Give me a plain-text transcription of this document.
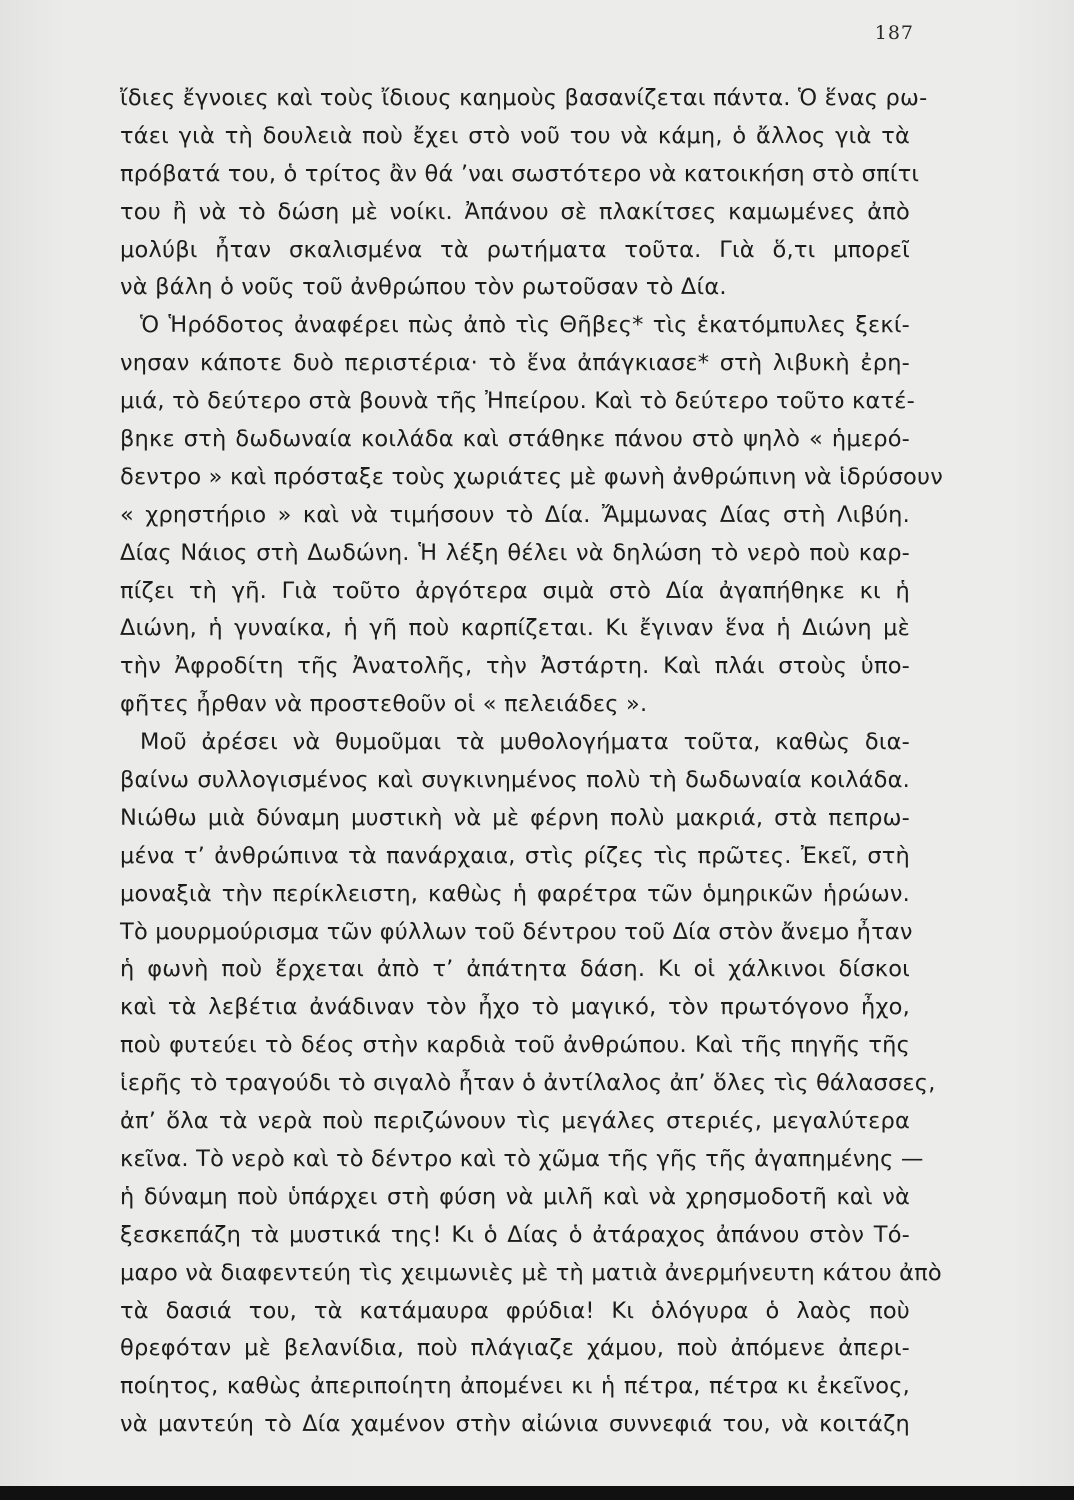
187
ἴδιες ἔγνοιες καὶ τοὺς ἴδιους καημοὺς βασανίζεται πάντα. Ὁ ἕνας ρω-
τάει γιὰ τὴ δουλειὰ ποὺ ἔχει στὸ νοῦ του νὰ κάμη, ὁ ἄλλος γιὰ τὰ
πρόβατά του, ὁ τρίτος ἂν θά ’ναι σωστότερο νὰ κατοικήση στὸ σπίτι
του ἢ νὰ τὸ δώση μὲ νοίκι. Ἀπάνου σὲ πλακίτσες καμωμένες ἀπὸ
μολύβι ἦταν σκαλισμένα τὰ ρωτήματα τοῦτα. Γιὰ ὅ,τι μπορεῖ
νὰ βάλη ὁ νοῦς τοῦ ἀνθρώπου τὸν ρωτοῦσαν τὸ Δία.
Ὁ Ἡρόδοτος ἀναφέρει πὼς ἀπὸ τὶς Θῆβες* τὶς ἑκατόμπυλες ξεκί-
νησαν κάποτε δυὸ περιστέρια· τὸ ἕνα ἀπάγκιασε* στὴ λιβυκὴ ἐρη-
μιά, τὸ δεύτερο στὰ βουνὰ τῆς Ἠπείρου. Καὶ τὸ δεύτερο τοῦτο κατέ-
βηκε στὴ δωδωναία κοιλάδα καὶ στάθηκε πάνου στὸ ψηλὸ « ἡμερό-
δεντρο » καὶ πρόσταξε τοὺς χωριάτες μὲ φωνὴ ἀνθρώπινη νὰ ἱδρύσουν
« χρηστήριο » καὶ νὰ τιμήσουν τὸ Δία. Ἄμμωνας Δίας στὴ Λιβύη.
Δίας Νάιος στὴ Δωδώνη. Ἡ λέξη θέλει νὰ δηλώση τὸ νερὸ ποὺ καρ-
πίζει τὴ γῆ. Γιὰ τοῦτο ἀργότερα σιμὰ στὸ Δία ἀγαπήθηκε κι ἡ
Διώνη, ἡ γυναίκα, ἡ γῆ ποὺ καρπίζεται. Κι ἔγιναν ἕνα ἡ Διώνη μὲ
τὴν Ἀφροδίτη τῆς Ἀνατολῆς, τὴν Ἀστάρτη. Καὶ πλάι στοὺς ὑπο-
φῆτες ἦρθαν νὰ προστεθοῦν οἱ « πελειάδες ».
Μοῦ ἀρέσει νὰ θυμοῦμαι τὰ μυθολογήματα τοῦτα, καθὼς δια-
βαίνω συλλογισμένος καὶ συγκινημένος πολὺ τὴ δωδωναία κοιλάδα.
Νιώθω μιὰ δύναμη μυστικὴ νὰ μὲ φέρνη πολὺ μακριά, στὰ πεπρω-
μένα τ’ ἀνθρώπινα τὰ πανάρχαια, στὶς ρίζες τὶς πρῶτες. Ἐκεῖ, στὴ
μοναξιὰ τὴν περίκλειστη, καθὼς ἡ φαρέτρα τῶν ὁμηρικῶν ἡρώων.
Τὸ μουρμούρισμα τῶν φύλλων τοῦ δέντρου τοῦ Δία στὸν ἄνεμο ἦταν
ἡ φωνὴ ποὺ ἔρχεται ἀπὸ τ’ ἀπάτητα δάση. Κι οἱ χάλκινοι δίσκοι
καὶ τὰ λεβέτια ἀνάδιναν τὸν ἦχο τὸ μαγικό, τὸν πρωτόγονο ἦχο,
ποὺ φυτεύει τὸ δέος στὴν καρδιὰ τοῦ ἀνθρώπου. Καὶ τῆς πηγῆς τῆς
ἱερῆς τὸ τραγούδι τὸ σιγαλὸ ἦταν ὁ ἀντίλαλος ἀπ’ ὅλες τὶς θάλασσες,
ἀπ’ ὅλα τὰ νερὰ ποὺ περιζώνουν τὶς μεγάλες στεριές, μεγαλύτερα
κεῖνα. Τὸ νερὸ καὶ τὸ δέντρο καὶ τὸ χῶμα τῆς γῆς τῆς ἀγαπημένης —
ἡ δύναμη ποὺ ὑπάρχει στὴ φύση νὰ μιλῆ καὶ νὰ χρησμοδοτῆ καὶ νὰ
ξεσκεπάζη τὰ μυστικά της! Κι ὁ Δίας ὁ ἀτάραχος ἀπάνου στὸν Τό-
μαρο νὰ διαφεντεύη τὶς χειμωνιὲς μὲ τὴ ματιὰ ἀνερμήνευτη κάτου ἀπὸ
τὰ δασιά του, τὰ κατάμαυρα φρύδια! Κι ὁλόγυρα ὁ λαὸς ποὺ
θρεφόταν μὲ βελανίδια, ποὺ πλάγιαζε χάμου, ποὺ ἀπόμενε ἀπερι-
ποίητος, καθὼς ἀπεριποίητη ἀπομένει κι ἡ πέτρα, πέτρα κι ἐκεῖνος,
νὰ μαντεύη τὸ Δία χαμένον στὴν αἰώνια συννεφιά του, νὰ κοιτάζη
